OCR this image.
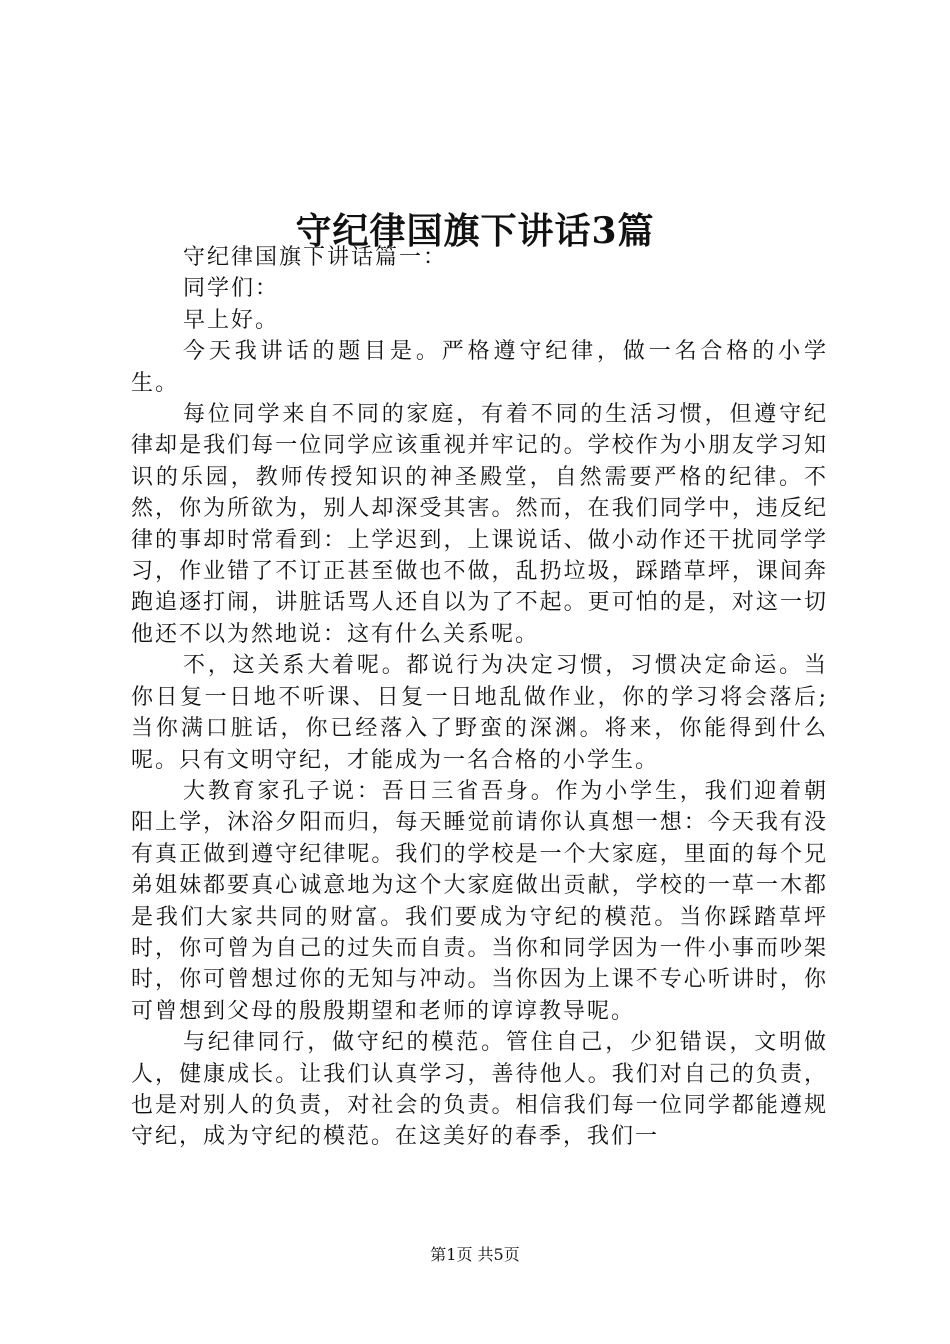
守纪律国旗下讲话3篇

守纪律国旗下讲话篇一：

同学们：

早上好。

今天我讲话的题目是。严格遵守纪律，做一名合格的小学生。

每位同学来自不同的家庭，有着不同的生活习惯，但遵守纪律却是我们每一位同学应该重视并牢记的。学校作为小朋友学习知识的乐园，教师传授知识的神圣殿堂，自然需要严格的纪律。不然，你为所欲为，别人却深受其害。然而，在我们同学中，违反纪律的事却时常看到：上学迟到，上课说话、做小动作还干扰同学学习，作业错了不订正甚至做也不做，乱扔垃圾，踩踏草坪，课间奔跑追逐打闹，讲脏话骂人还自以为了不起。更可怕的是，对这一切他还不以为然地说：这有什么关系呢。

不，这关系大着呢。都说行为决定习惯，习惯决定命运。当你日复一日地不听课、日复一日地乱做作业，你的学习将会落后;当你满口脏话，你已经落入了野蛮的深渊。将来，你能得到什么呢。只有文明守纪，才能成为一名合格的小学生。

大教育家孔子说：吾日三省吾身。作为小学生，我们迎着朝阳上学，沐浴夕阳而归，每天睡觉前请你认真想一想：今天我有没有真正做到遵守纪律呢。我们的学校是一个大家庭，里面的每个兄弟姐妹都要真心诚意地为这个大家庭做出贡献，学校的一草一木都是我们大家共同的财富。我们要成为守纪的模范。当你踩踏草坪时，你可曾为自己的过失而自责。当你和同学因为一件小事而吵架时，你可曾想过你的无知与冲动。当你因为上课不专心听讲时，你可曾想到父母的殷殷期望和老师的谆谆教导呢。

与纪律同行，做守纪的模范。管住自己，少犯错误，文明做人，健康成长。让我们认真学习，善待他人。我们对自己的负责，也是对别人的负责，对社会的负责。相信我们每一位同学都能遵规守纪，成为守纪的模范。在这美好的春季，我们一

第1页 共5页
